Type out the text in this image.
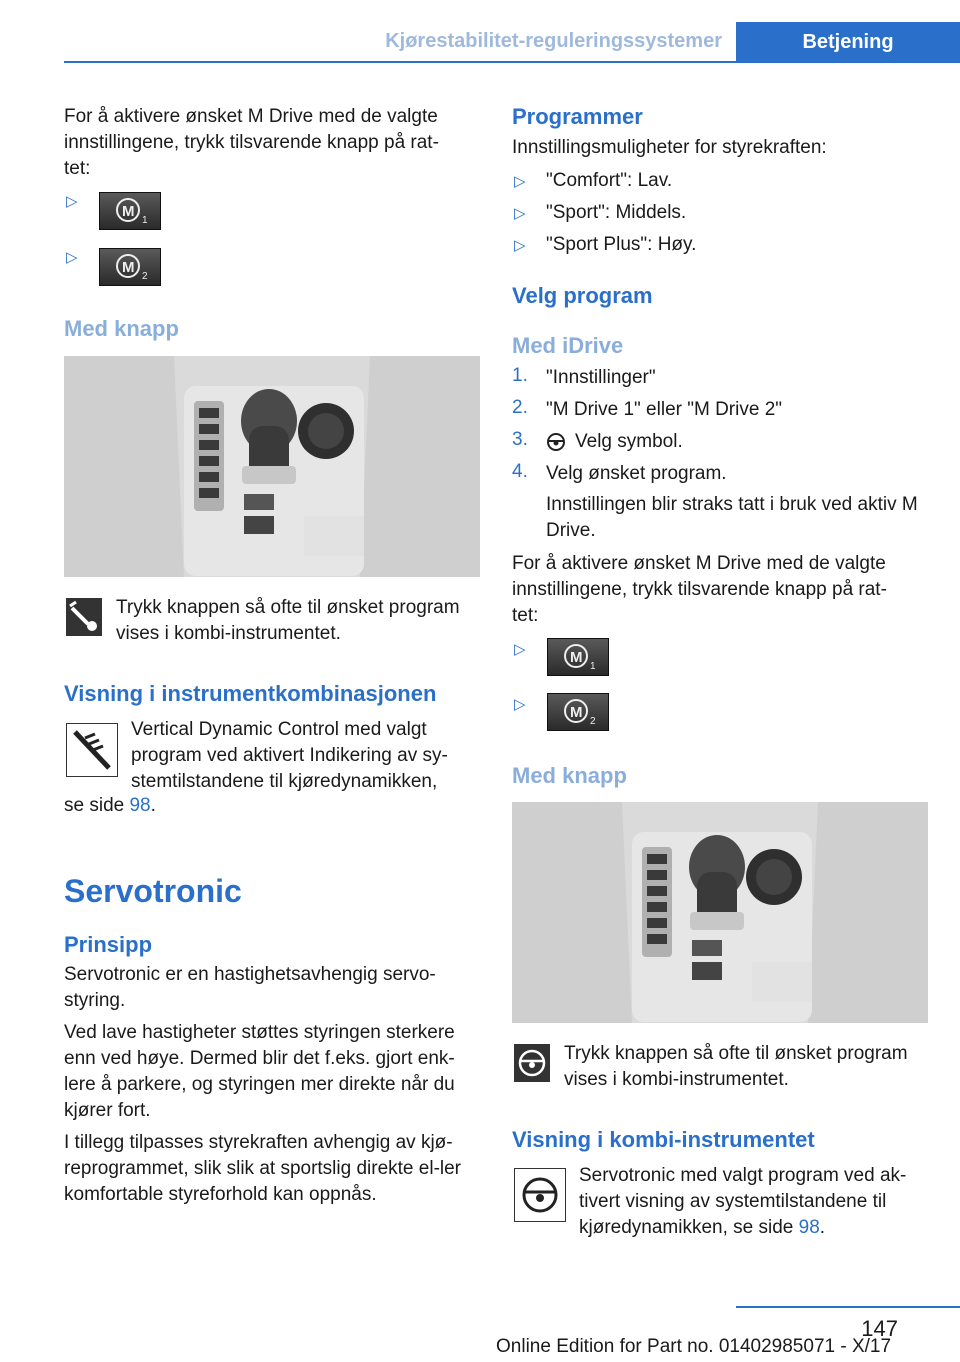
Kjørestabilitet-reguleringssystemer	Betjening
For å aktivere ønsket M Drive med de valgte innstillingene, trykk tilsvarende knapp på rat-tet:
▷
M
1
▷
M
2
Med knapp
Trykk knappen så ofte til ønsket program vises i kombi-instrumentet.
Visning i instrumentkombinasjonen
Vertical Dynamic Control med valgt program ved aktivert Indikering av sy-stemtilstandene til kjøredynamikken,
se side 98.
Servotronic
Prinsipp
Servotronic er en hastighetsavhengig servo-styring.
Ved lave hastigheter støttes styringen sterkere enn ved høye. Dermed blir det f.eks. gjort enk-lere å parkere, og styringen mer direkte når du kjører fort.
I tillegg tilpasses styrekraften avhengig av kjø-reprogrammet, slik slik at sportslig direkte el-ler komfortable styreforhold kan oppnås.
Programmer
Innstillingsmuligheter for styrekraften:
▷ "Comfort": Lav.
▷ "Sport": Middels.
▷ "Sport Plus": Høy.
Velg program
Med iDrive
1. "Innstillinger"
2. "M Drive 1" eller "M Drive 2"
3. Velg symbol.
4. Velg ønsket program.
Innstillingen blir straks tatt i bruk ved aktiv M Drive.
For å aktivere ønsket M Drive med de valgte innstillingene, trykk tilsvarende knapp på rat-tet:
▷	M
1
▷	M
2
Med knapp
Trykk knappen så ofte til ønsket program vises i kombi-instrumentet.
Visning i kombi-instrumentet
Servotronic med valgt program ved ak-tivert visning av systemtilstandene til kjøredynamikken, se side 98.
147
Online Edition for Part no. 01402985071 - X/17
